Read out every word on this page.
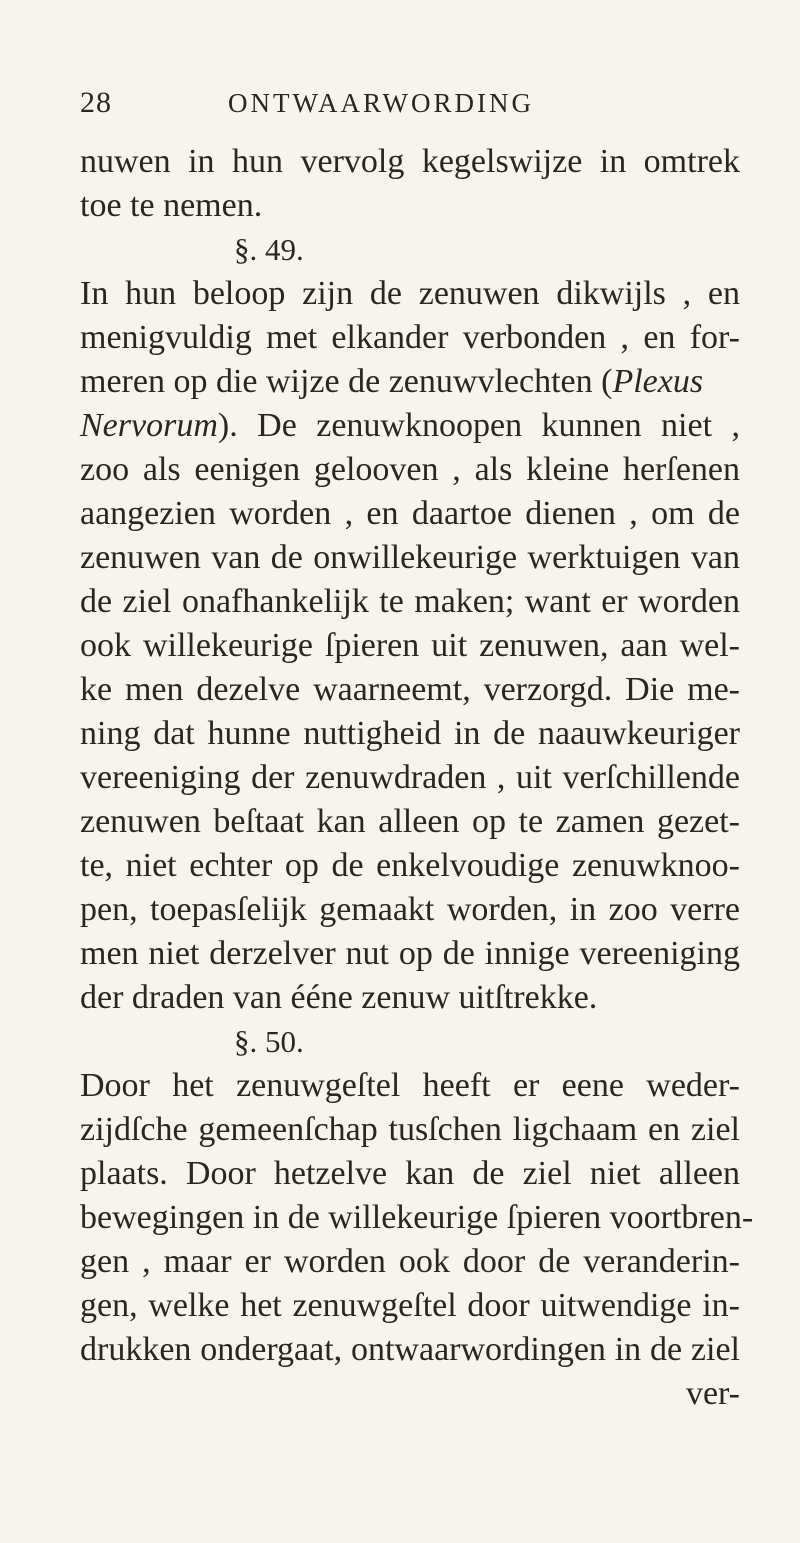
28	ONTWAARWORDING
nuwen in hun vervolg kegelswijze in omtrek
toe te nemen.
§. 49.
In hun beloop zijn de zenuwen dikwijls , en
menigvuldig met elkander verbonden , en for-
meren op die wijze de zenuwvlechten (Plexus
Nervorum). De zenuwknoopen kunnen niet ,
zoo als eenigen gelooven , als kleine herſenen
aangezien worden , en daartoe dienen , om de
zenuwen van de onwillekeurige werktuigen van
de ziel onafhankelijk te maken; want er worden
ook willekeurige ſpieren uit zenuwen, aan wel-
ke men dezelve waarneemt, verzorgd. Die me-
ning dat hunne nuttigheid in de naauwkeuriger
vereeniging der zenuwdraden , uit verſchillende
zenuwen beſtaat kan alleen op te zamen gezet-
te, niet echter op de enkelvoudige zenuwknoo-
pen, toepasſelijk gemaakt worden, in zoo verre
men niet derzelver nut op de innige vereeniging
der draden van ééne zenuw uitſtrekke.
§. 50.
Door het zenuwgeſtel heeft er eene weder-
zijdſche gemeenſchap tusſchen ligchaam en ziel
plaats. Door hetzelve kan de ziel niet alleen
bewegingen in de willekeurige ſpieren voortbren-
gen , maar er worden ook door de veranderin-
gen, welke het zenuwgeſtel door uitwendige in-
drukken ondergaat, ontwaarwordingen in de ziel
ver-
